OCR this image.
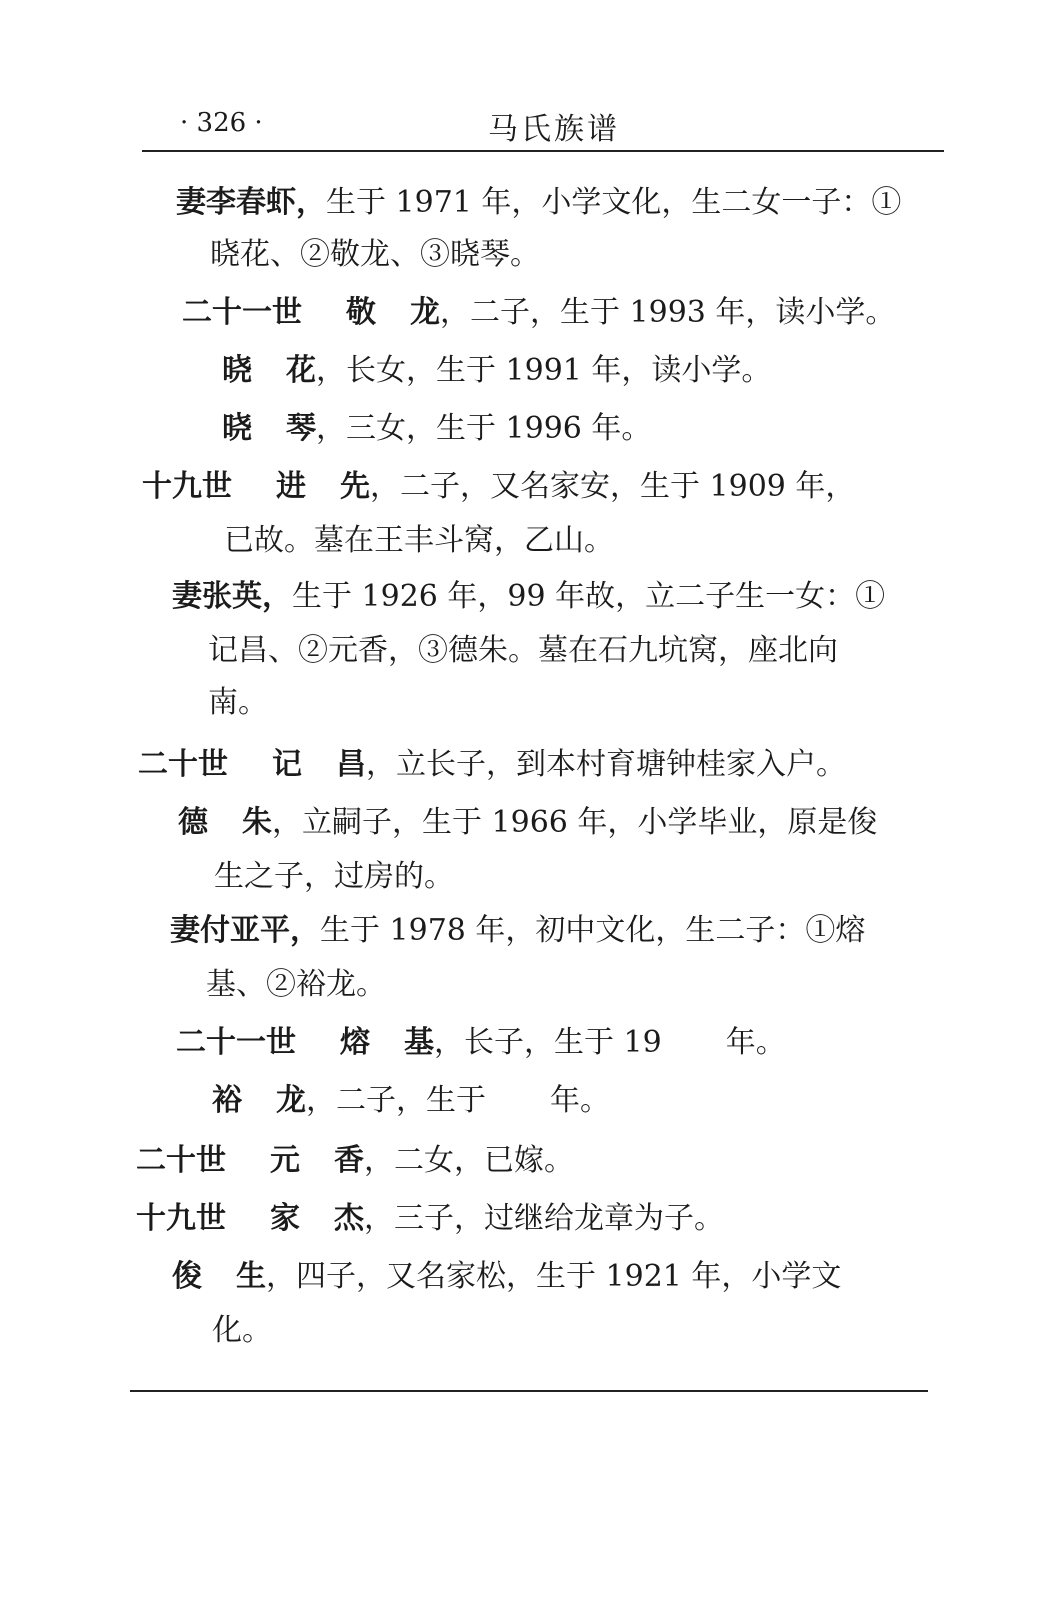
· 326 ·	马氏族谱
妻李春虾，生于 1971 年，小学文化，生二女一子：①
晓花、②敬龙、③晓琴。
二十一世 敬 龙，二子，生于 1993 年，读小学。
晓 花，长女，生于 1991 年，读小学。
晓 琴，三女，生于 1996 年。
十九世 进 先，二子，又名家安，生于 1909 年，
已故。墓在王丰斗窝，乙山。
妻张英，生于 1926 年，99 年故，立二子生一女：①
记昌、②元香，③德朱。墓在石九坑窝，座北向
南。
二十世 记 昌，立长子，到本村育塘钟桂家入户。
德 朱，立嗣子，生于 1966 年，小学毕业，原是俊
生之子，过房的。
妻付亚平，生于 1978 年，初中文化，生二子：①熔
基、②裕龙。
二十一世 熔 基，长子，生于 19 年。
裕 龙，二子，生于 年。
二十世 元 香，二女，已嫁。
十九世 家 杰，三子，过继给龙章为子。
俊 生，四子，又名家松，生于 1921 年，小学文
化。
